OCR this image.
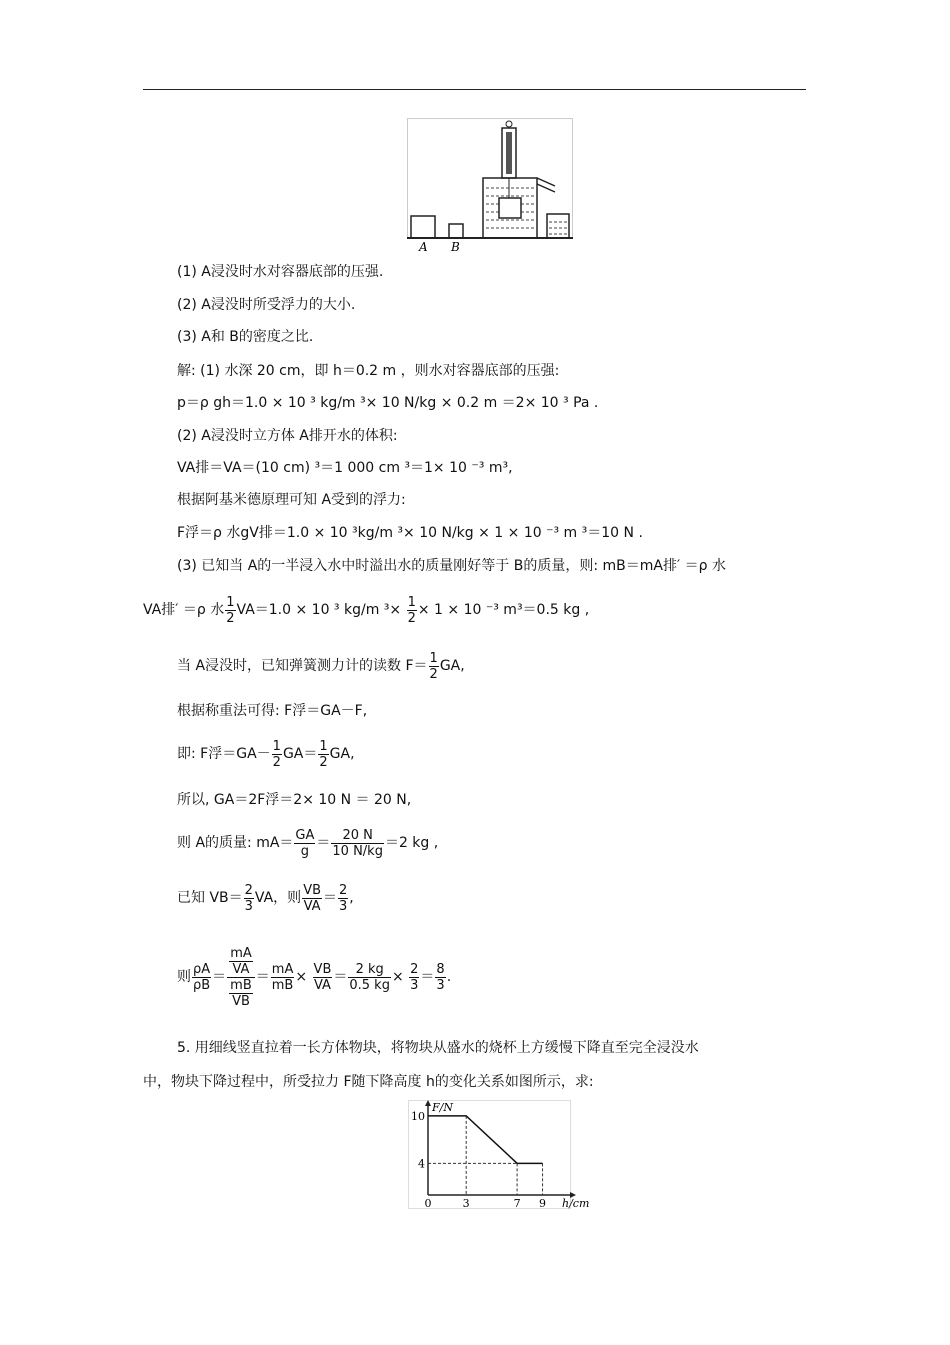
A B
(1) A浸没时水对容器底部的压强.
(2) A浸没时所受浮力的大小.
(3) A和 B的密度之比.
解: (1) 水深 20 cm，即 h＝0.2 m ，则水对容器底部的压强:
p＝ρ gh＝1.0 × 10 ³ kg/m ³× 10 N/kg × 0.2 m ＝2× 10 ³ Pa .
(2) A浸没时立方体 A排开水的体积:
VA排＝VA＝(10 cm) ³＝1 000 cm ³＝1× 10 ⁻³ m³,
根据阿基米德原理可知 A受到的浮力:
F浮＝ρ 水gV排＝1.0 × 10 ³kg/m ³× 10 N/kg × 1 × 10 ⁻³ m ³＝10 N .
(3) 已知当 A的一半浸入水中时溢出水的质量刚好等于 B的质量，则: mB＝mA排′ ＝ρ 水
VA排′ ＝ρ 水 $\frac{1}{2} VA=1.0 \times 10$ ³ kg/m $^3\times \frac{1}{2} \times 1 \times 10$ ⁻³ m³＝0.5 kg ,
当 A浸没时，已知弹簧测力计的读数 $F= \frac{1}{2}$ GA,
根据称重法可得: F浮＝GA－F,
即: F浮$=GA- \frac{1}{2} GA= \frac{1}{2}$ GA,
所以, GA＝2F浮＝2× 10 N ＝ 20 N,
则 A的质量: $mA= \frac{GA}{g} = \frac{20 N}{10 N/kg} =2$ kg ,
已知 $VB= \frac{2}{3}$ VA，则 $\frac{VB}{VA} = \frac{2}{3}$ ,
则 $\frac{\rho A}{\rho B} = \frac{\frac{mA}{VA}}{\frac{mB}{VB}} = \frac{mA}{mB} \times \frac{VB}{VA} = \frac{2 kg}{0.5 kg} \times \frac{2}{3} = \frac{8}{3}$ .
5. 用细线竖直拉着一长方体物块，将物块从盛水的烧杯上方缓慢下降直至完全浸没水
中，物块下降过程中，所受拉力 F随下降高度 h的变化关系如图所示，求:
0	3	7 9
10
4
h/cm
F/N
